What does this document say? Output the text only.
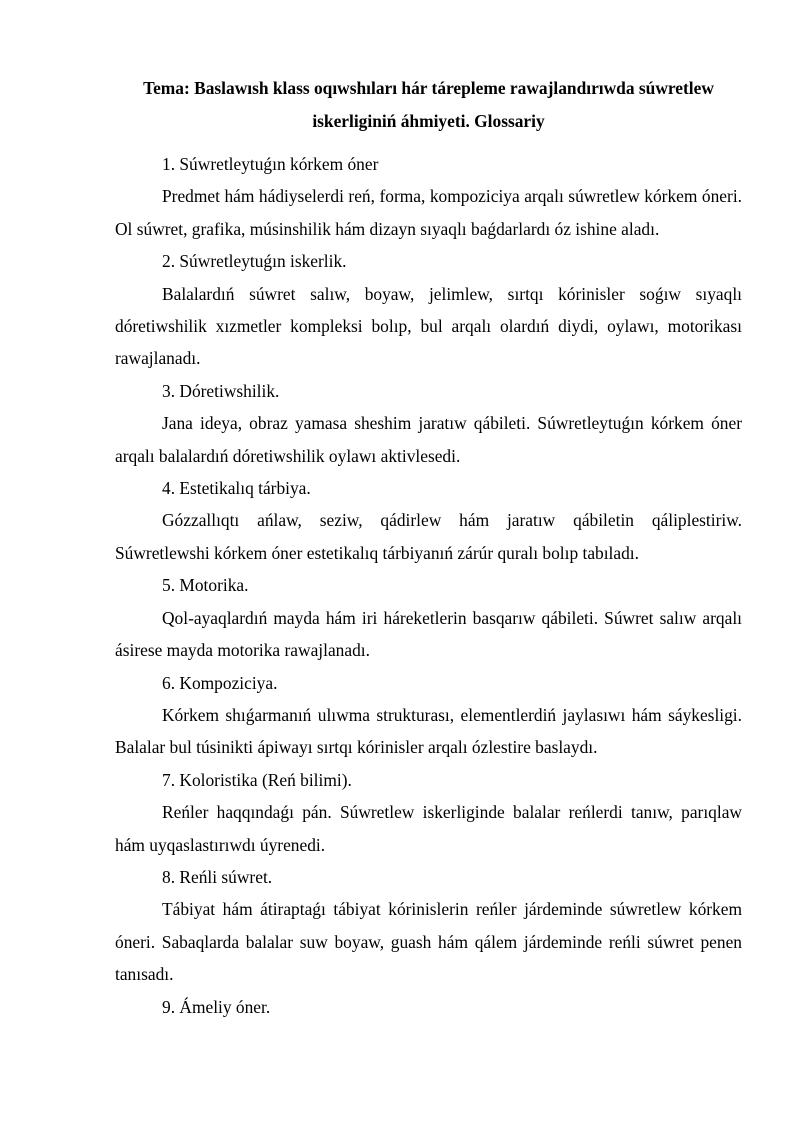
Tema: Baslawısh klass oqıwshıları hár tárepleme rawajlandırıwda súwretlew iskerliginiń áhmiyeti. Glossariy

1. Súwretleytuǵın kórkem óner

Predmet hám hádiyselerdi reń, forma, kompoziciya arqalı súwretlew kórkem óneri. Ol súwret, grafika, músinshilik hám dizayn sıyaqlı baǵdarlardı óz ishine aladı.

2. Súwretleytuǵın iskerlik.

Balalardıń súwret salıw, boyaw, jelimlew, sırtqı kórinisler soǵıw sıyaqlı dóretiwshilik xızmetler kompleksi bolıp, bul arqalı olardıń diydi, oylawı, motorikası rawajlanadı.

3. Dóretiwshilik.

Jana ideya, obraz yamasa sheshim jaratıw qábileti. Súwretleytuǵın kórkem óner arqalı balalardıń dóretiwshilik oylawı aktivlesedi.

4. Estetikalıq tárbiya.

Gózzallıqtı ańlaw, seziw, qádirlew hám jaratıw qábiletin qáliplestiriw. Súwretlewshi kórkem óner estetikalıq tárbiyanıń zárúr quralı bolıp tabıladı.

5. Motorika.

Qol-ayaqlardıń mayda hám iri háreketlerin basqarıw qábileti. Súwret salıw arqalı ásirese mayda motorika rawajlanadı.

6. Kompoziciya.

Kórkem shıǵarmanıń ulıwma strukturası, elementlerdiń jaylasıwı hám sáykesligi. Balalar bul túsinikti ápiwayı sırtqı kórinisler arqalı ózlestire baslaydı.

7. Koloristika (Reń bilimi).

Reńler haqqındaǵı pán. Súwretlew iskerliginde balalar reńlerdi tanıw, parıqlaw hám uyqaslastırıwdı úyrenedi.

8. Reńli súwret.

Tábiyat hám átiraptaǵı tábiyat kórinislerin reńler járdeminde súwretlew kórkem óneri. Sabaqlarda balalar suw boyaw, guash hám qálem járdeminde reńli súwret penen tanısadı.

9. Ámeliy óner.
